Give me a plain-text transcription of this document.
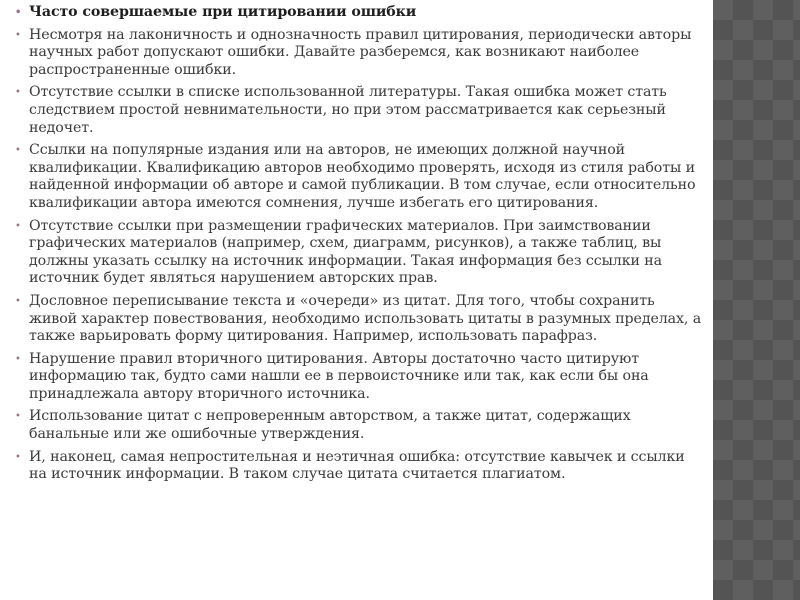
• Часто совершаемые при цитировании ошибки
• Несмотря на лаконичность и однозначность правил цитирования, периодически авторы научных работ допускают ошибки. Давайте разберемся, как возникают наиболее распространенные ошибки.
• Отсутствие ссылки в списке использованной литературы. Такая ошибка может стать следствием простой невнимательности, но при этом рассматривается как серьезный недочет.
• Ссылки на популярные издания или на авторов, не имеющих должной научной квалификации. Квалификацию авторов необходимо проверять, исходя из стиля работы и найденной информации об авторе и самой публикации. В том случае, если относительно квалификации автора имеются сомнения, лучше избегать его цитирования.
• Отсутствие ссылки при размещении графических материалов. При заимствовании графических материалов (например, схем, диаграмм, рисунков), а также таблиц, вы должны указать ссылку на источник информации. Такая информация без ссылки на источник будет являться нарушением авторских прав.
• Дословное переписывание текста и «очереди» из цитат. Для того, чтобы сохранить живой характер повествования, необходимо использовать цитаты в разумных пределах, а также варьировать форму цитирования. Например, использовать парафраз.
• Нарушение правил вторичного цитирования. Авторы достаточно часто цитируют информацию так, будто сами нашли ее в первоисточнике или так, как если бы она принадлежала автору вторичного источника.
• Использование цитат с непроверенным авторством, а также цитат, содержащих банальные или же ошибочные утверждения.
• И, наконец, самая непростительная и неэтичная ошибка: отсутствие кавычек и ссылки на источник информации. В таком случае цитата считается плагиатом.
